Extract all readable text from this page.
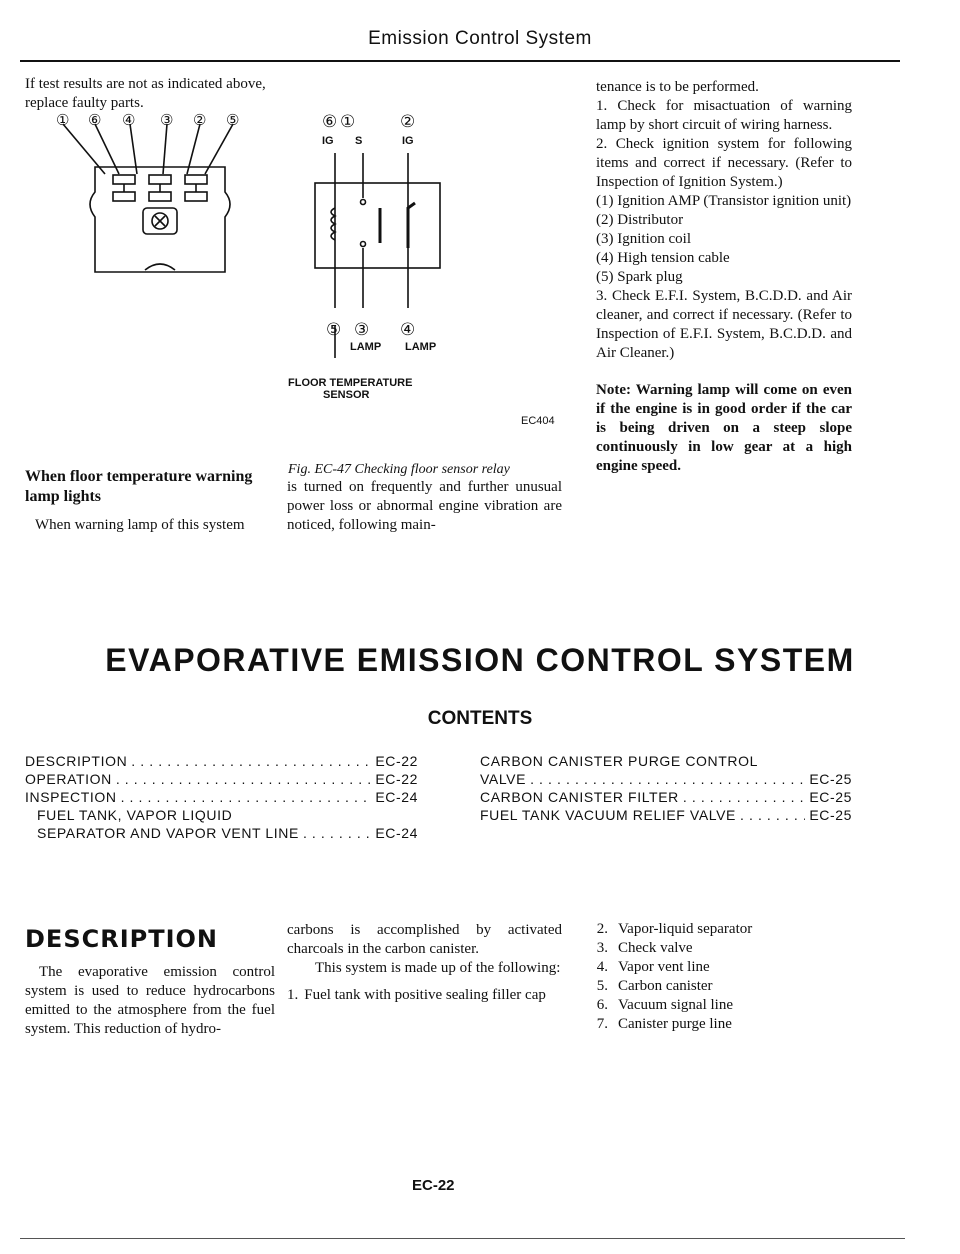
Emission Control System
If test results are not as indicated above, replace faulty parts.
① ⑥ ④ ③ ② ⑤
When floor temperature warning lamp lights
When warning lamp of this system
⑥ ①	②
IG S	IG
⑤ ③ ④
LAMP LAMP
FLOOR TEMPERATURE
SENSOR
EC404
Fig. EC-47 Checking floor sensor relay
is turned on frequently and further unusual power loss or abnormal engine vibration are noticed, following main-
tenance is to be performed.
1. Check for misactuation of warning lamp by short circuit of wiring harness.
2. Check ignition system for following items and correct if necessary. (Refer to Inspection of Ignition System.)
(1) Ignition AMP (Transistor ignition unit)
(2) Distributor
(3) Ignition coil
(4) High tension cable
(5) Spark plug
3. Check E.F.I. System, B.C.D.D. and Air cleaner, and correct if necessary. (Refer to Inspection of E.F.I. System, B.C.D.D. and Air Cleaner.)
Note: Warning lamp will come on even if the engine is in good order if the car is being driven on a steep slope continuously in low gear at a high engine speed.
EVAPORATIVE EMISSION CONTROL SYSTEM
CONTENTS
DESCRIPTION . . .	EC-22
OPERATION . . .	EC-22
INSPECTION . . .	EC-24
FUEL TANK, VAPOR LIQUID
SEPARATOR AND VAPOR VENT LINE . . .	EC-24
CARBON CANISTER PURGE CONTROL
VALVE . . .	EC-25
CARBON CANISTER FILTER . . .	EC-25
FUEL TANK VACUUM RELIEF VALVE . . .	EC-25
DESCRIPTION
The evaporative emission control system is used to reduce hydrocarbons emitted to the atmosphere from the fuel system. This reduction of hydro-
carbons is accomplished by activated charcoals in the carbon canister.
This system is made up of the following:
1. Fuel tank with positive sealing filler cap
2. Vapor-liquid separator
3. Check valve
4. Vapor vent line
5. Carbon canister
6. Vacuum signal line
7. Canister purge line
EC-22
